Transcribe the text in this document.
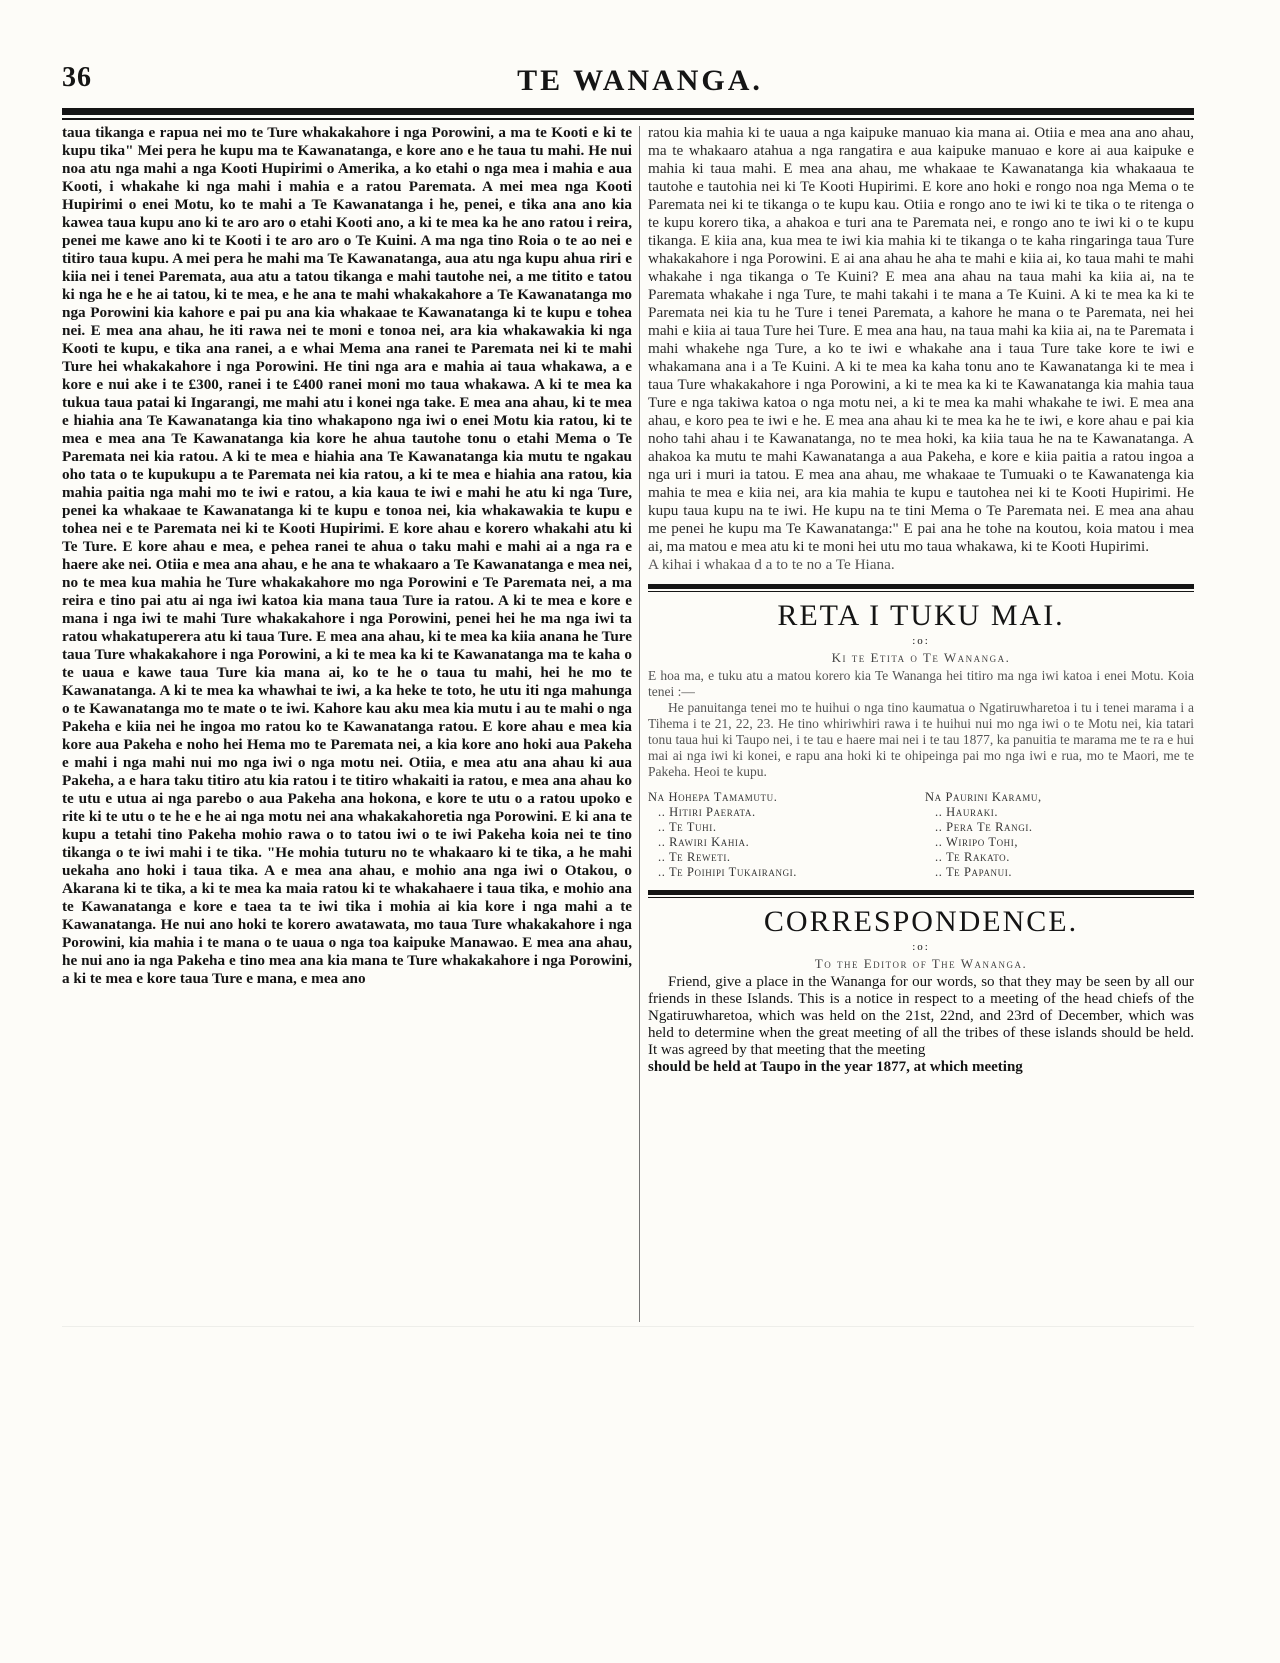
36	TE WANANGA.

taua tikanga e rapua nei mo te Ture whakakahore i nga Porowini, a ma te Kooti e ki te kupu tika" Mei pera he kupu ma te Kawanatanga, e kore ano e he taua tu mahi. He nui noa atu nga mahi a nga Kooti Hupirimi o Amerika, a ko etahi o nga mea i mahia e aua Kooti, i whakahe ki nga mahi i mahia e a ratou Paremata. A mei mea nga Kooti Hupirimi o enei Motu, ko te mahi a Te Kawanatanga i he, penei, e tika ana ano kia kawea taua kupu ano ki te aro aro o etahi Kooti ano, a ki te mea ka he ano ratou i reira, penei me kawe ano ki te Kooti i te aro aro o Te Kuini. A ma nga tino Roia o te ao nei e titiro taua kupu. A mei pera he mahi ma Te Kawanatanga, aua atu nga kupu ahua riri e kiia nei i tenei Paremata, aua atu a tatou tikanga e mahi tautohe nei, a me titito e tatou ki nga he e he ai tatou, ki te mea, e he ana te mahi whakakahore a Te Kawanatanga mo nga Porowini kia kahore e pai pu ana kia whakaae te Kawanatanga ki te kupu e tohea nei. E mea ana ahau, he iti rawa nei te moni e tonoa nei, ara kia whakawakia ki nga Kooti te kupu, e tika ana ranei, a e whai Mema ana ranei te Paremata nei ki te mahi Ture hei whakakahore i nga Porowini. He tini nga ara e mahia ai taua whakawa, a e kore e nui ake i te £300, ranei i te £400 ranei moni mo taua whakawa. A ki te mea ka tukua taua patai ki Ingarangi, me mahi atu i konei nga take. E mea ana ahau, ki te mea e hiahia ana Te Kawanatanga kia tino whakapono nga iwi o enei Motu kia ratou, ki te mea e mea ana Te Kawanatanga kia kore he ahua tautohe tonu o etahi Mema o Te Paremata nei kia ratou. A ki te mea e hiahia ana Te Kawanatanga kia mutu te ngakau oho tata o te kupukupu a te Paremata nei kia ratou, a ki te mea e hiahia ana ratou, kia mahia paitia nga mahi mo te iwi e ratou, a kia kaua te iwi e mahi he atu ki nga Ture, penei ka whakaae te Kawanatanga ki te kupu e tonoa nei, kia whakawakia te kupu e tohea nei e te Paremata nei ki te Kooti Hupirimi. E kore ahau e korero whakahi atu ki Te Ture. E kore ahau e mea, e pehea ranei te ahua o taku mahi e mahi ai a nga ra e haere ake nei. Otiia e mea ana ahau, e he ana te whakaaro a Te Kawanatanga e mea nei, no te mea kua mahia he Ture whakakahore mo nga Porowini e Te Paremata nei, a ma reira e tino pai atu ai nga iwi katoa kia mana taua Ture ia ratou. A ki te mea e kore e mana i nga iwi te mahi Ture whakakahore i nga Porowini, penei hei he ma nga iwi ta ratou whakatuperera atu ki taua Ture. E mea ana ahau, ki te mea ka kiia anana he Ture taua Ture whakakahore i nga Porowini, a ki te mea ka ki te Kawanatanga ma te kaha o te uaua e kawe taua Ture kia mana ai, ko te he o taua tu mahi, hei he mo te Kawanatanga. A ki te mea ka whawhai te iwi, a ka heke te toto, he utu iti nga mahunga o te Kawanatanga mo te mate o te iwi. Kahore kau aku mea kia mutu i au te mahi o nga Pakeha e kiia nei he ingoa mo ratou ko te Kawanatanga ratou. E kore ahau e mea kia kore aua Pakeha e noho hei Hema mo te Paremata nei, a kia kore ano hoki aua Pakeha e mahi i nga mahi nui mo nga iwi o nga motu nei. Otiia, e mea atu ana ahau ki aua Pakeha, a e hara taku titiro atu kia ratou i te titiro whakaiti ia ratou, e mea ana ahau ko te utu e utua ai nga parebo o aua Pakeha ana hokona, e kore te utu o a ratou upoko e rite ki te utu o te he e he ai nga motu nei ana whakakahoretia nga Porowini. E ki ana te kupu a tetahi tino Pakeha mohio rawa o to tatou iwi o te iwi Pakeha koia nei te tino tikanga o te iwi mahi i te tika. "He mohia tuturu no te whakaaro ki te tika, a he mahi uekaha ano hoki i taua tika. A e mea ana ahau, e mohio ana nga iwi o Otakou, o Akarana ki te tika, a ki te mea ka maia ratou ki te whakahaere i taua tika, e mohio ana te Kawanatanga e kore e taea ta te iwi tika i mohia ai kia kore i nga mahi a te Kawanatanga. He nui ano hoki te korero awatawata, mo taua Ture whakakahore i nga Porowini, kia mahia i te mana o te uaua o nga toa kaipuke Manawao. E mea ana ahau, he nui ano ia nga Pakeha e tino mea ana kia mana te Ture whakakahore i nga Porowini, a ki te mea e kore taua Ture e mana, e mea ano

ratou kia mahia ki te uaua a nga kaipuke manuao kia mana ai. Otiia e mea ana ano ahau, ma te whakaaro atahua a nga rangatira e aua kaipuke manuao e kore ai aua kaipuke e mahia ki taua mahi. E mea ana ahau, me whakaae te Kawanatanga kia whakaaua te tautohe e tautohia nei ki Te Kooti Hupirimi. E kore ano hoki e rongo noa nga Mema o te Paremata nei ki te tikanga o te kupu kau. Otiia e rongo ano te iwi ki te tika o te ritenga o te kupu korero tika, a ahakoa e turi ana te Paremata nei, e rongo ano te iwi ki o te kupu tikanga. E kiia ana, kua mea te iwi kia mahia ki te tikanga o te kaha ringaringa taua Ture whakakahore i nga Porowini. E ai ana ahau he aha te mahi e kiia ai, ko taua mahi te mahi whakahe i nga tikanga o Te Kuini? E mea ana ahau na taua mahi ka kiia ai, na te Paremata whakahe i nga Ture, te mahi takahi i te mana a Te Kuini. A ki te mea ka ki te Paremata nei kia tu he Ture i tenei Paremata, a kahore he mana o te Paremata, nei hei mahi e kiia ai taua Ture hei Ture. E mea ana hau, na taua mahi ka kiia ai, na te Paremata i mahi whakehe nga Ture, a ko te iwi e whakahe ana i taua Ture take kore te iwi e whakamana ana i a Te Kuini. A ki te mea ka kaha tonu ano te Kawanatanga ki te mea i taua Ture whakakahore i nga Porowini, a ki te mea ka ki te Kawanatanga kia mahia taua Ture e nga takiwa katoa o nga motu nei, a ki te mea ka mahi whakahe te iwi. E mea ana ahau, e koro pea te iwi e he. E mea ana ahau ki te mea ka he te iwi, e kore ahau e pai kia noho tahi ahau i te Kawanatanga, no te mea hoki, ka kiia taua he na te Kawanatanga. A ahakoa ka mutu te mahi Kawanatanga a aua Pakeha, e kore e kiia paitia a ratou ingoa a nga uri i muri ia tatou. E mea ana ahau, me whakaae te Tumuaki o te Kawanatenga kia mahia te mea e kiia nei, ara kia mahia te kupu e tautohea nei ki te Kooti Hupirimi. He kupu taua kupu na te iwi. He kupu na te tini Mema o Te Paremata nei. E mea ana ahau me penei he kupu ma Te Kawanatanga:" E pai ana he tohe na koutou, koia matou i mea ai, ma matou e mea atu ki te moni hei utu mo taua whakawa, ki te Kooti Hupirimi.

A kihai i whakaa d a to te no a Te Hiana.

RETA I TUKU MAI.
:o:
Ki te Etita o Te Wananga.

E hoa ma, e tuku atu a matou korero kia Te Wananga hei titiro ma nga iwi katoa i enei Motu. Koia tenei :—

He panuitanga tenei mo te huihui o nga tino kaumatua o Ngatiruwharetoa i tu i tenei marama i a Tihema i te 21, 22, 23. He tino whiriwhiri rawa i te huihui nui mo nga iwi o te Motu nei, kia tatari tonu taua hui ki Taupo nei, i te tau e haere mai nei i te tau 1877, ka panuitia te marama me te ra e hui mai ai nga iwi ki konei, e rapu ana hoki ki te ohipeinga pai mo nga iwi e rua, mo te Maori, me te Pakeha. Heoi te kupu.

Na Hohepa Tamamutu.
.. Hitiri Paerata.
.. Te Tuhi.
.. Rawiri Kahia.
.. Te Reweti.
.. Te Poihipi Tukairangi.
Na Paurini Karamu,
.. Hauraki.
.. Pera Te Rangi.
.. Wiripo Tohi,
.. Te Rakato.
.. Te Papanui.
CORRESPONDENCE.
:o:
To the Editor of The Wananga.

Friend, give a place in the Wananga for our words, so that they may be seen by all our friends in these Islands. This is a notice in respect to a meeting of the head chiefs of the Ngatiruwharetoa, which was held on the 21st, 22nd, and 23rd of December, which was held to determine when the great meeting of all the tribes of these islands should be held. It was agreed by that meeting that the meeting

should be held at Taupo in the year 1877, at which meeting
